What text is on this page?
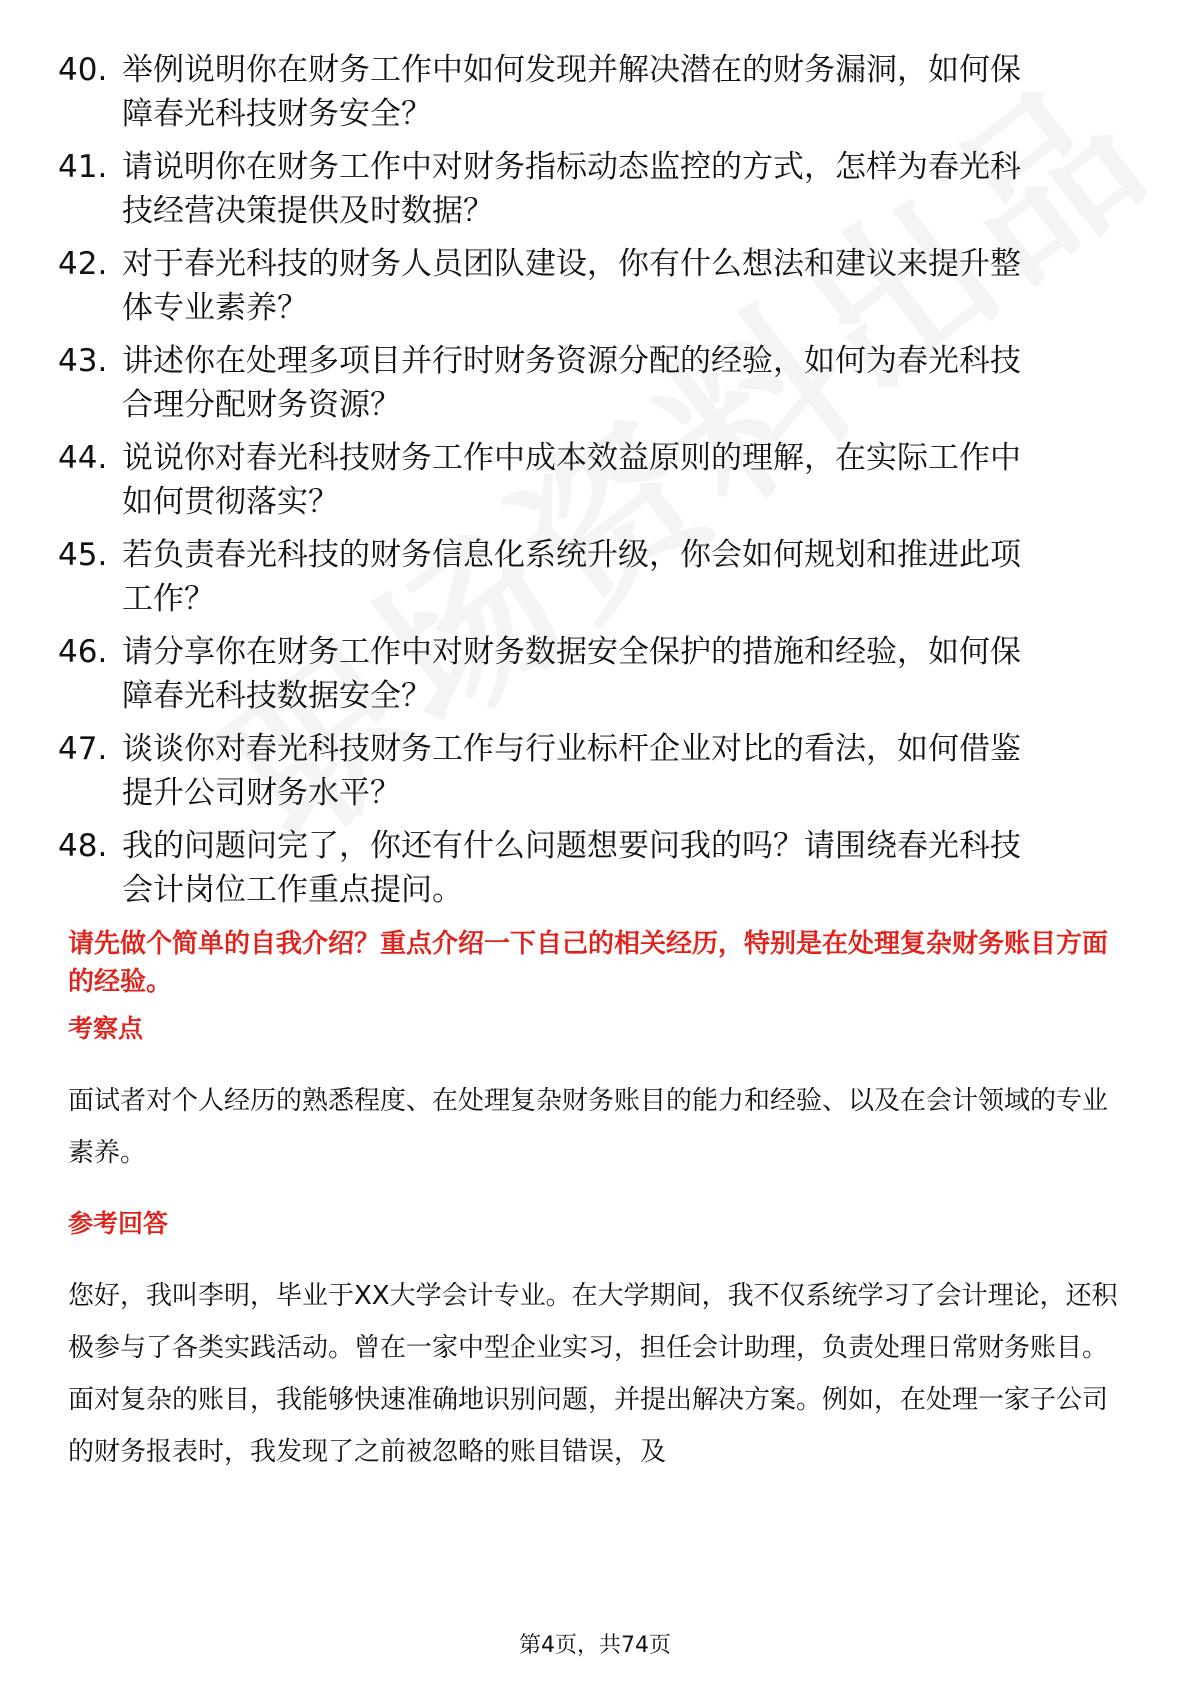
40. 举例说明你在财务工作中如何发现并解决潜在的财务漏洞，如何保障春光科技财务安全？
41. 请说明你在财务工作中对财务指标动态监控的方式，怎样为春光科技经营决策提供及时数据？
42. 对于春光科技的财务人员团队建设，你有什么想法和建议来提升整体专业素养？
43. 讲述你在处理多项目并行时财务资源分配的经验，如何为春光科技合理分配财务资源？
44. 说说你对春光科技财务工作中成本效益原则的理解，在实际工作中如何贯彻落实？
45. 若负责春光科技的财务信息化系统升级，你会如何规划和推进此项工作？
46. 请分享你在财务工作中对财务数据安全保护的措施和经验，如何保障春光科技数据安全？
47. 谈谈你对春光科技财务工作与行业标杆企业对比的看法，如何借鉴提升公司财务水平？
48. 我的问题问完了，你还有什么问题想要问我的吗？请围绕春光科技会计岗位工作重点提问。
请先做个简单的自我介绍？重点介绍一下自己的相关经历，特别是在处理复杂财务账目方面的经验。
考察点
面试者对个人经历的熟悉程度、在处理复杂财务账目的能力和经验、以及在会计领域的专业素养。
参考回答
您好，我叫李明，毕业于XX大学会计专业。在大学期间，我不仅系统学习了会计理论，还积极参与了各类实践活动。曾在一家中型企业实习，担任会计助理，负责处理日常财务账目。面对复杂的账目，我能够快速准确地识别问题，并提出解决方案。例如，在处理一家子公司的财务报表时，我发现了之前被忽略的账目错误，及
第4页，共74页
